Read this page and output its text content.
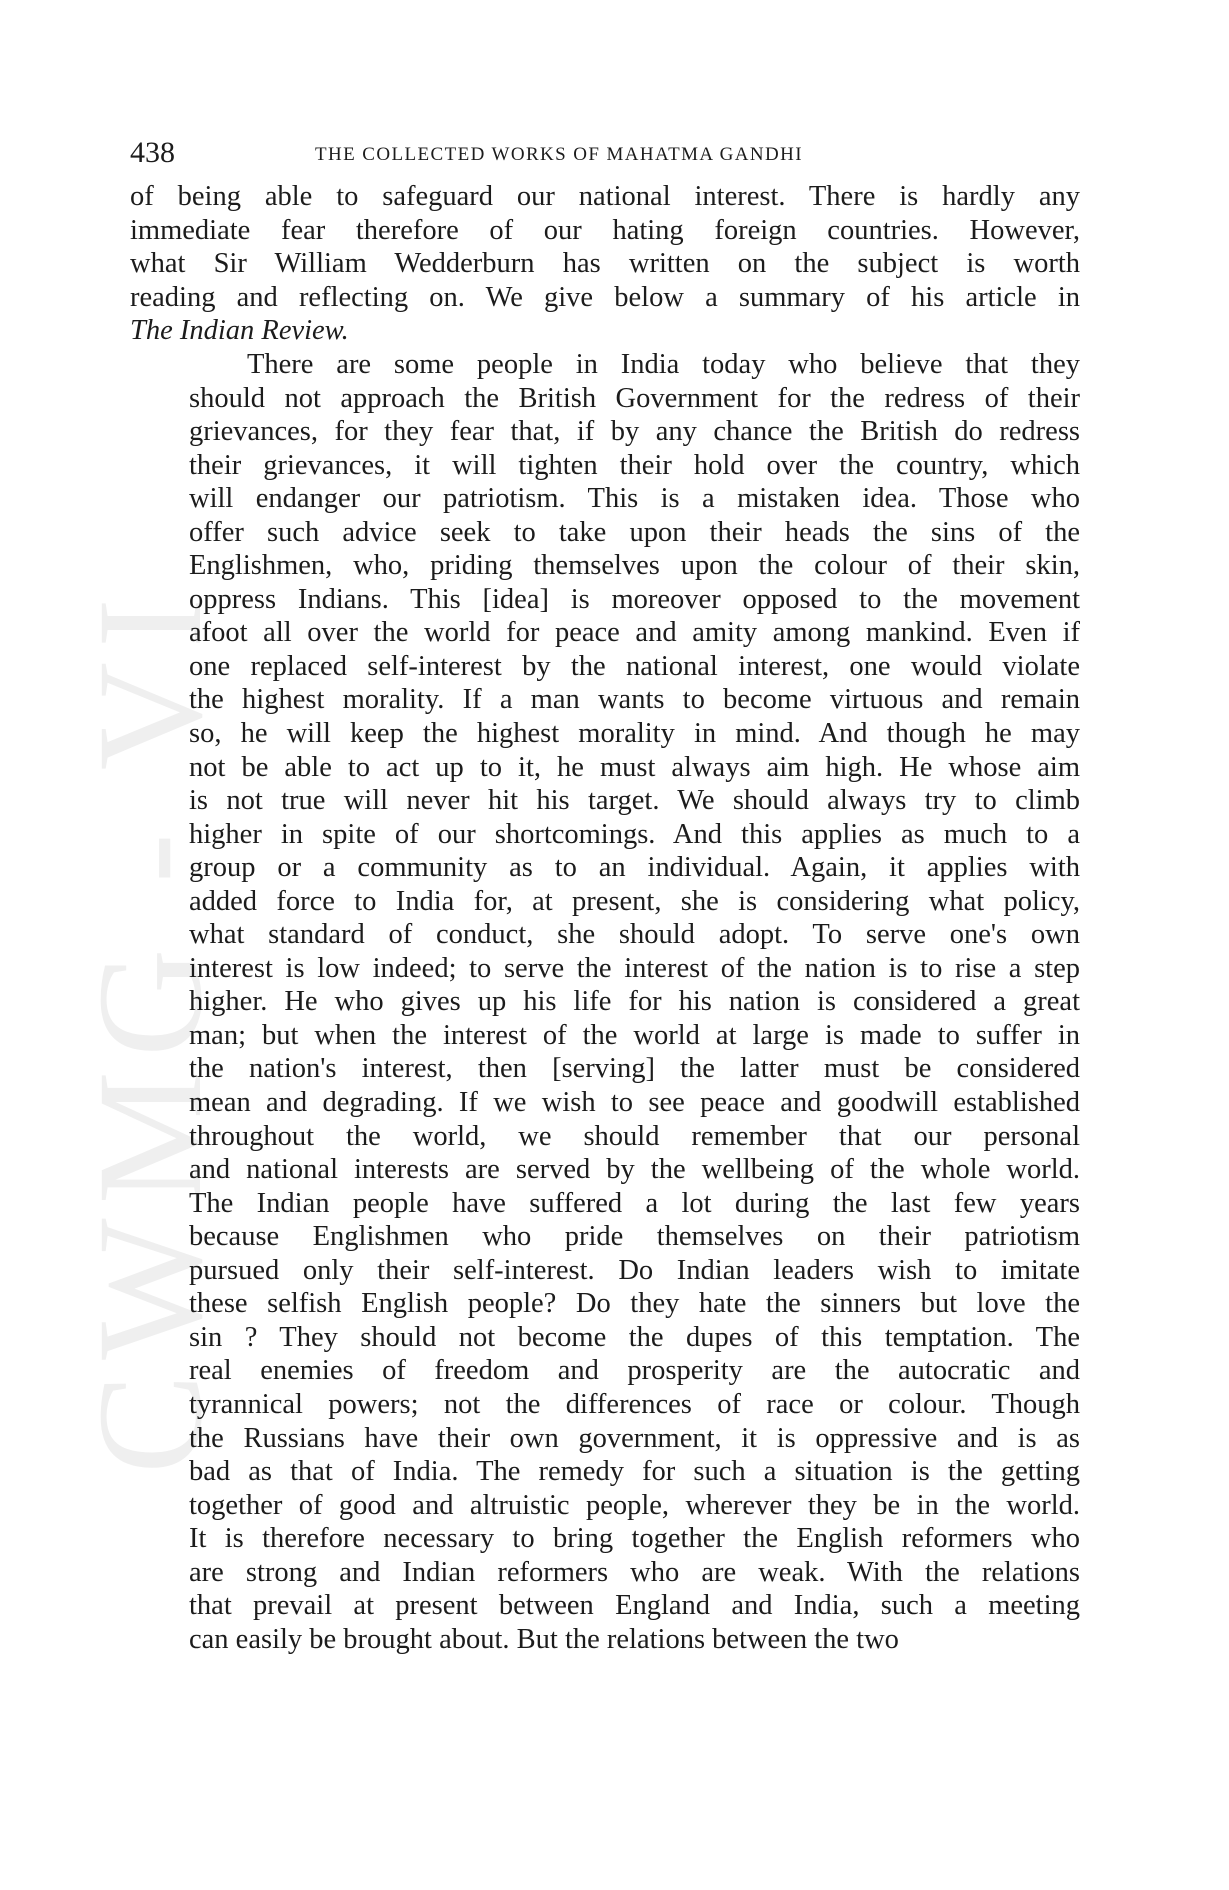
CWMG - VI
438	THE COLLECTED WORKS OF MAHATMA GANDHI

of being able to safeguard our national interest. There is hardly any
immediate fear therefore of our hating foreign countries. However,
what Sir William Wedderburn has written on the subject is worth
reading and reflecting on. We give below a summary of his article in
The Indian Review.

There are some people in India today who believe that they
should not approach the British Government for the redress of their
grievances, for they fear that, if by any chance the British do redress
their grievances, it will tighten their hold over the country, which
will endanger our patriotism. This is a mistaken idea. Those who
offer such advice seek to take upon their heads the sins of the
Englishmen, who, priding themselves upon the colour of their skin,
oppress Indians. This [idea] is moreover opposed to the movement
afoot all over the world for peace and amity among mankind. Even if
one replaced self-interest by the national interest, one would violate
the highest morality. If a man wants to become virtuous and remain
so, he will keep the highest morality in mind. And though he may
not be able to act up to it, he must always aim high. He whose aim
is not true will never hit his target. We should always try to climb
higher in spite of our shortcomings. And this applies as much to a
group or a community as to an individual. Again, it applies with
added force to India for, at present, she is considering what policy,
what standard of conduct, she should adopt. To serve one's own
interest is low indeed; to serve the interest of the nation is to rise a step
higher. He who gives up his life for his nation is considered a great
man; but when the interest of the world at large is made to suffer in
the nation's interest, then [serving] the latter must be considered
mean and degrading. If we wish to see peace and goodwill established
throughout the world, we should remember that our personal
and national interests are served by the wellbeing of the whole world.
The Indian people have suffered a lot during the last few years
because Englishmen who pride themselves on their patriotism
pursued only their self-interest. Do Indian leaders wish to imitate
these selfish English people? Do they hate the sinners but love the
sin ? They should not become the dupes of this temptation. The
real enemies of freedom and prosperity are the autocratic and
tyrannical powers; not the differences of race or colour. Though
the Russians have their own government, it is oppressive and is as
bad as that of India. The remedy for such a situation is the getting
together of good and altruistic people, wherever they be in the world.
It is therefore necessary to bring together the English reformers who
are strong and Indian reformers who are weak. With the relations
that prevail at present between England and India, such a meeting
can easily be brought about. But the relations between the two
